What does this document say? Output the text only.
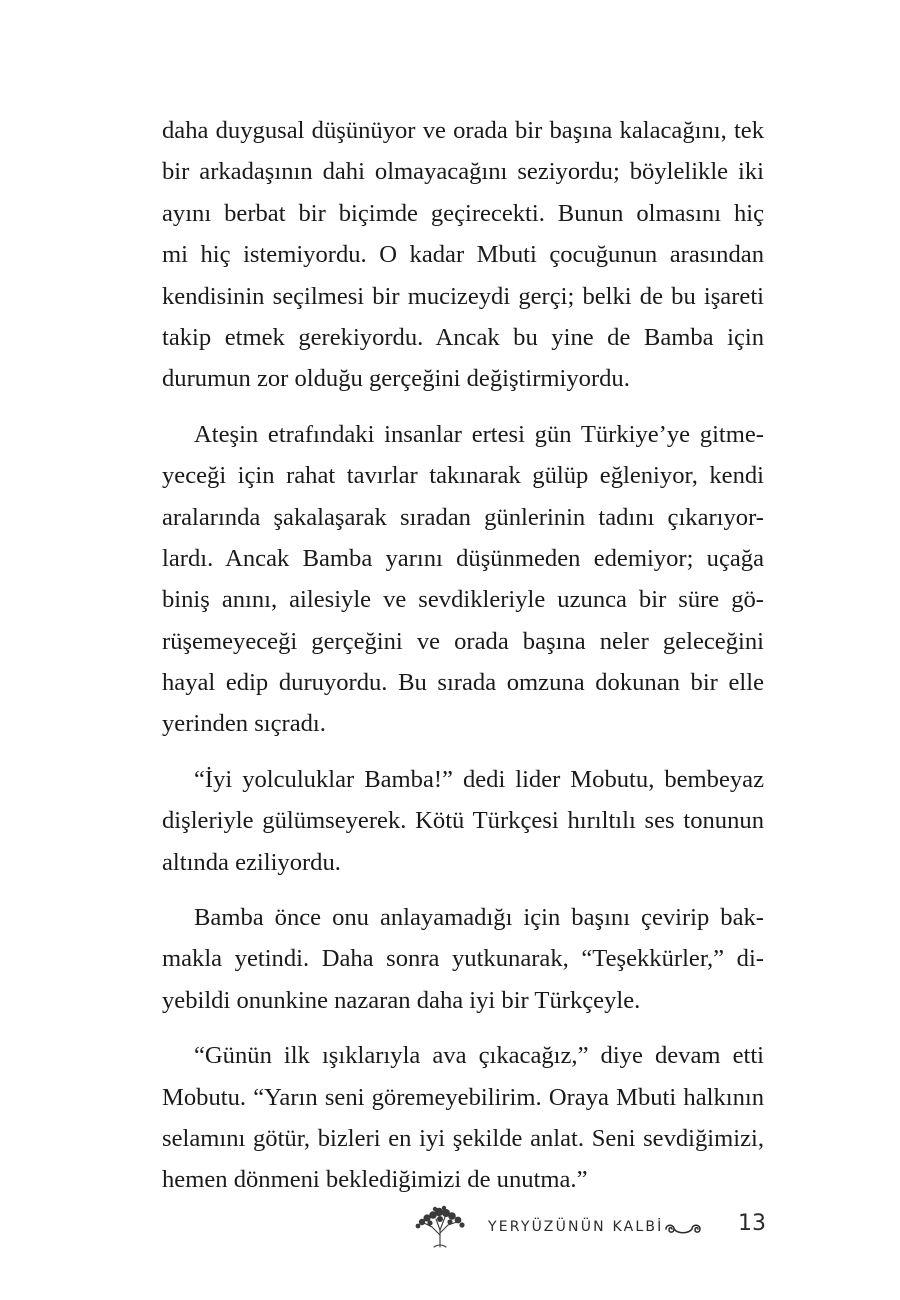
daha duygusal düşünüyor ve orada bir başına kalacağını, tek
bir arkadaşının dahi olmayacağını seziyordu; böylelikle iki
ayını berbat bir biçimde geçirecekti. Bunun olmasını hiç
mi hiç istemiyordu. O kadar Mbuti çocuğunun arasından
kendisinin seçilmesi bir mucizeydi gerçi; belki de bu işareti
takip etmek gerekiyordu. Ancak bu yine de Bamba için
durumun zor olduğu gerçeğini değiştirmiyordu.

Ateşin etrafındaki insanlar ertesi gün Türkiye’ye gitme-
yeceği için rahat tavırlar takınarak gülüp eğleniyor, kendi
aralarında şakalaşarak sıradan günlerinin tadını çıkarıyor-
lardı. Ancak Bamba yarını düşünmeden edemiyor; uçağa
biniş anını, ailesiyle ve sevdikleriyle uzunca bir süre gö-
rüşemeyeceği gerçeğini ve orada başına neler geleceğini
hayal edip duruyordu. Bu sırada omzuna dokunan bir elle
yerinden sıçradı.

“İyi yolculuklar Bamba!” dedi lider Mobutu, bembeyaz
dişleriyle gülümseyerek. Kötü Türkçesi hırıltılı ses tonunun
altında eziliyordu.

Bamba önce onu anlayamadığı için başını çevirip bak-
makla yetindi. Daha sonra yutkunarak, “Teşekkürler,” di-
yebildi onunkine nazaran daha iyi bir Türkçeyle.

“Günün ilk ışıklarıyla ava çıkacağız,” diye devam etti
Mobutu. “Yarın seni göremeyebilirim. Oraya Mbuti halkının
selamını götür, bizleri en iyi şekilde anlat. Seni sevdiğimizi,
hemen dönmeni beklediğimizi de unutma.”

YERYÜZÜNÜN KALBİ	13
